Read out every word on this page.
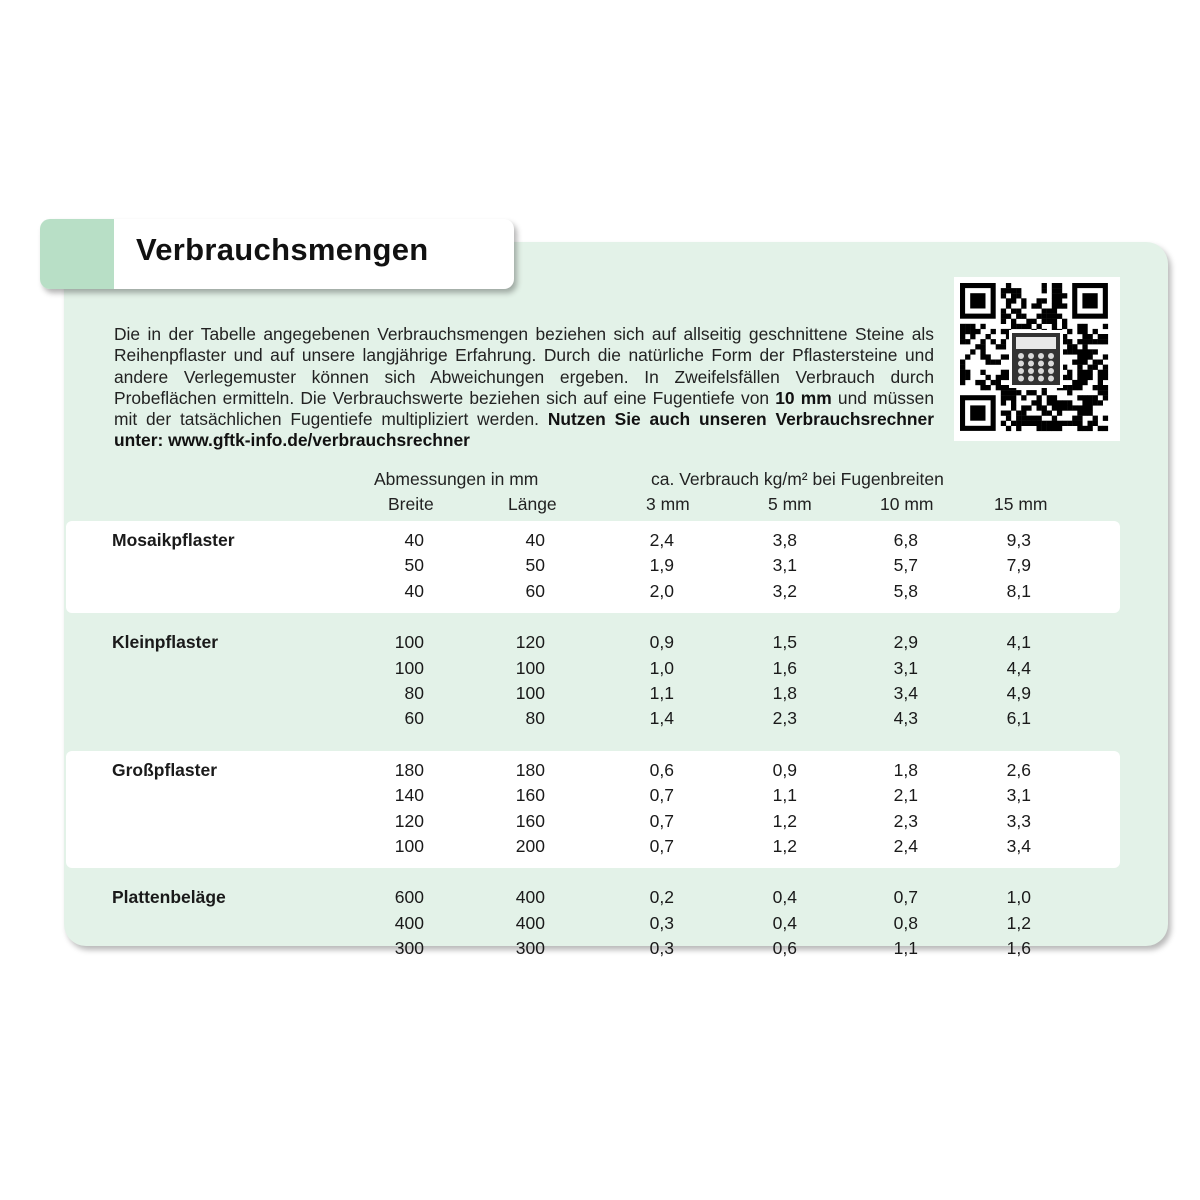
Verbrauchsmengen
Die in der Tabelle angegebenen Verbrauchsmengen beziehen sich auf allseitig geschnittene Steine als Reihenpflaster und auf unsere langjährige Erfahrung. Durch die natürliche Form der Pflastersteine und andere Verlegemuster können sich Abweichungen ergeben. In Zweifelsfällen Verbrauch durch Probeflächen ermitteln. Die Verbrauchswerte beziehen sich auf eine Fugentiefe von 10 mm und müssen mit der tatsächlichen Fugentiefe multipliziert werden. Nutzen Sie auch unseren Verbrauchsrechner unter: www.gftk-info.de/verbrauchsrechner
Abmessungen in mm	ca. Verbrauch kg/m² bei Fugenbreiten
Breite	Länge	3 mm	5 mm	10 mm	15 mm
Mosaikpflaster	40	40	2,4	3,8	6,8	9,3
50	50	1,9	3,1	5,7	7,9
40	60	2,0	3,2	5,8	8,1
Kleinpflaster	100	120	0,9	1,5	2,9	4,1
100	100	1,0	1,6	3,1	4,4
80	100	1,1	1,8	3,4	4,9
60	80	1,4	2,3	4,3	6,1
Großpflaster	180	180	0,6	0,9	1,8	2,6
140	160	0,7	1,1	2,1	3,1
120	160	0,7	1,2	2,3	3,3
100	200	0,7	1,2	2,4	3,4
Plattenbeläge	600	400	0,2	0,4	0,7	1,0
400	400	0,3	0,4	0,8	1,2
300	300	0,3	0,6	1,1	1,6
